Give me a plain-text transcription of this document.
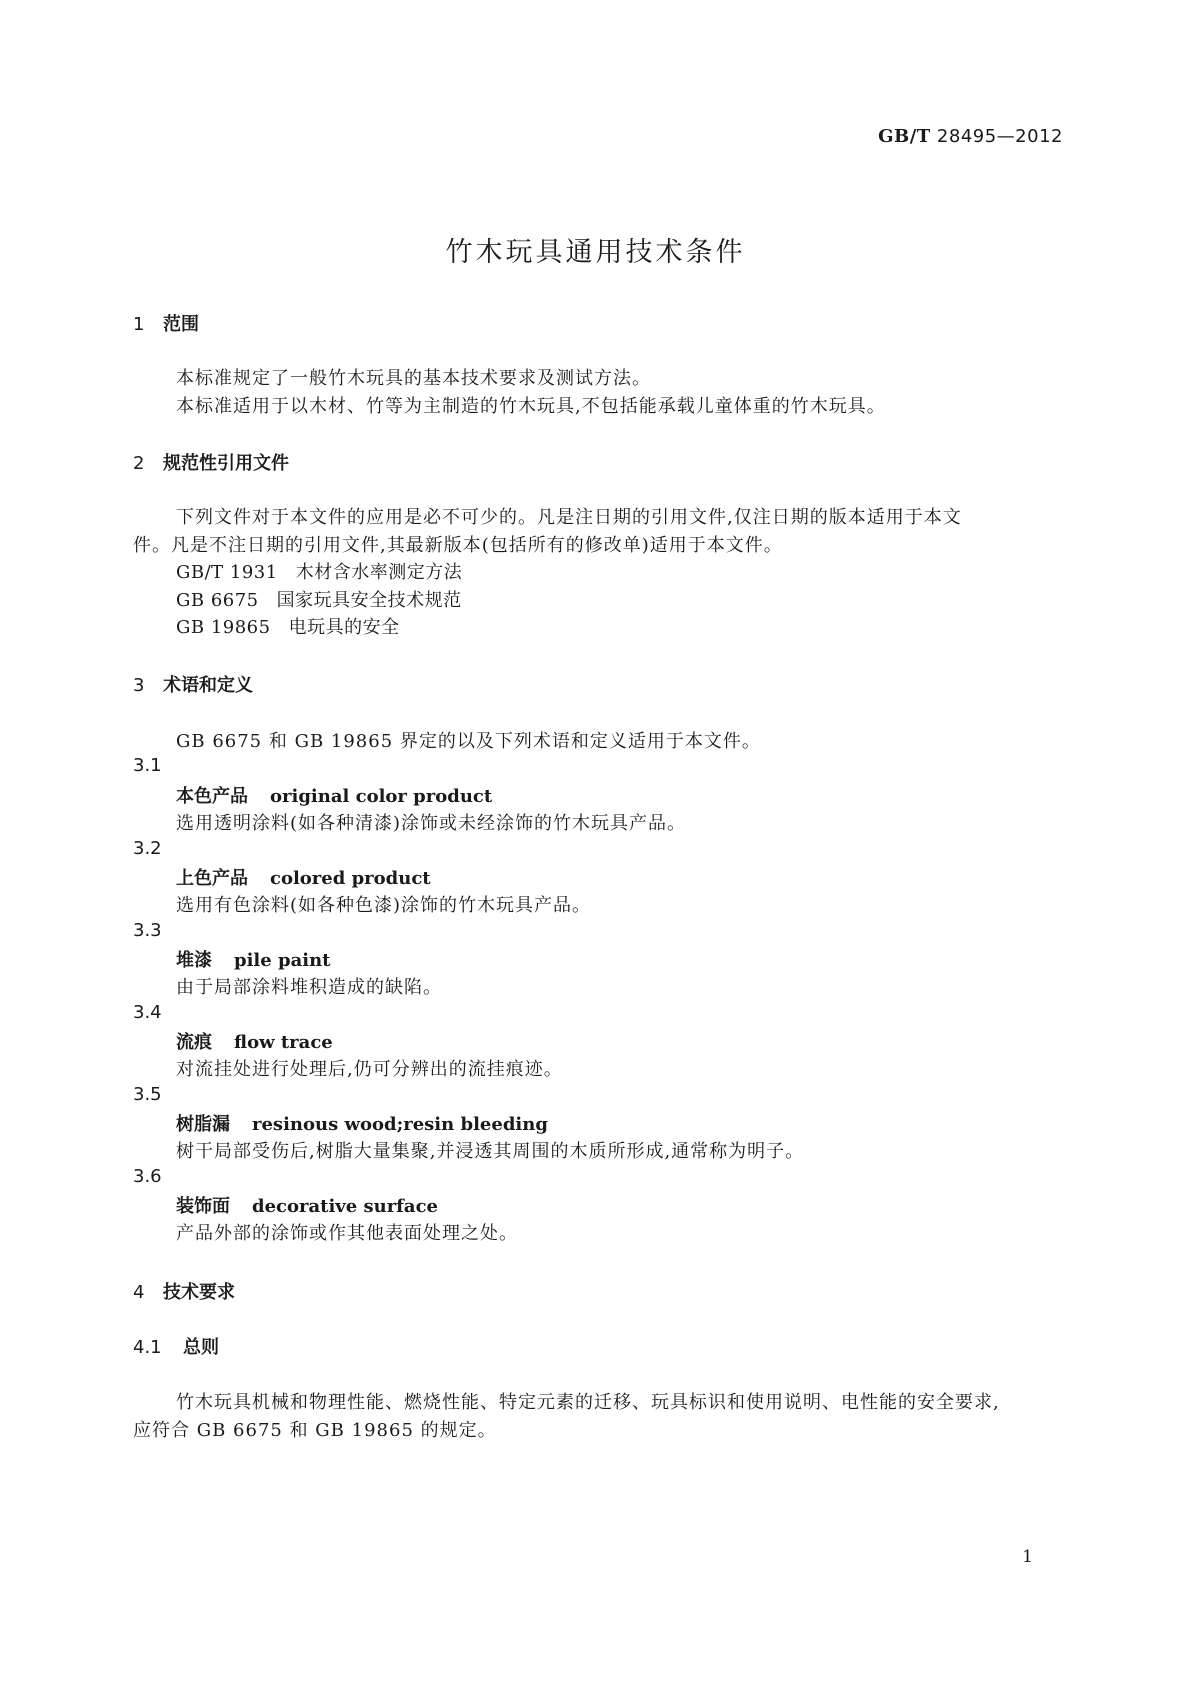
GB/T 28495—2012
竹木玩具通用技术条件
1 范围
本标准规定了一般竹木玩具的基本技术要求及测试方法。
本标准适用于以木材、竹等为主制造的竹木玩具,不包括能承载儿童体重的竹木玩具。
2 规范性引用文件
下列文件对于本文件的应用是必不可少的。凡是注日期的引用文件,仅注日期的版本适用于本文
件。凡是不注日期的引用文件,其最新版本(包括所有的修改单)适用于本文件。
GB/T 1931 木材含水率测定方法
GB 6675 国家玩具安全技术规范
GB 19865 电玩具的安全
3 术语和定义
GB 6675 和 GB 19865 界定的以及下列术语和定义适用于本文件。
3.1
本色产品 original color product
选用透明涂料(如各种清漆)涂饰或未经涂饰的竹木玩具产品。
3.2
上色产品 colored product
选用有色涂料(如各种色漆)涂饰的竹木玩具产品。
3.3
堆漆 pile paint
由于局部涂料堆积造成的缺陷。
3.4
流痕 flow trace
对流挂处进行处理后,仍可分辨出的流挂痕迹。
3.5
树脂漏 resinous wood;resin bleeding
树干局部受伤后,树脂大量集聚,并浸透其周围的木质所形成,通常称为明子。
3.6
装饰面 decorative surface
产品外部的涂饰或作其他表面处理之处。
4 技术要求
4.1 总则
竹木玩具机械和物理性能、燃烧性能、特定元素的迁移、玩具标识和使用说明、电性能的安全要求,
应符合 GB 6675 和 GB 19865 的规定。
1
